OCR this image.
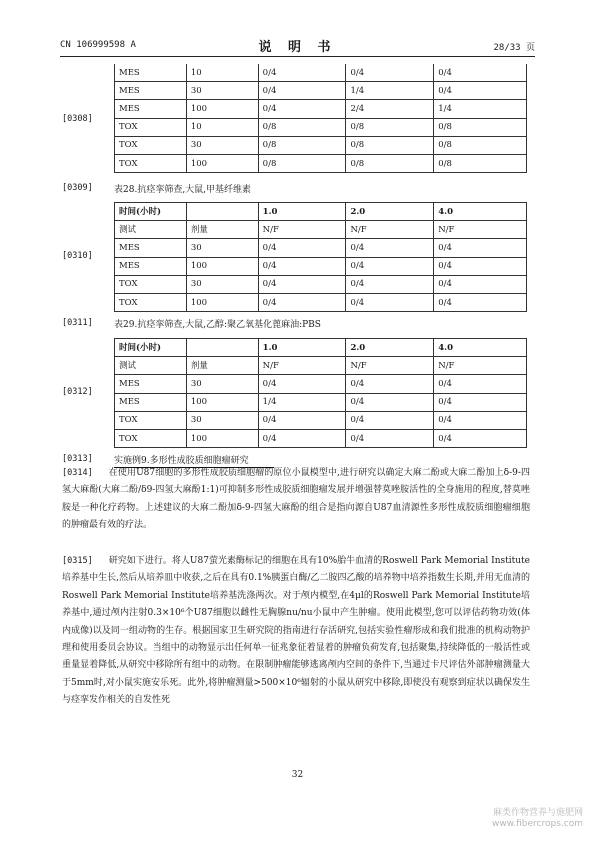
CN 106999598 A	说 明 书	28/33 页
[0308]
MES	10	0/4	0/4	0/4
MES	30	0/4	1/4	0/4
MES	100	0/4	2/4	1/4
TOX	10	0/8	0/8	0/8
TOX	30	0/8	0/8	0/8
TOX	100	0/8	0/8	0/8
[0309] 表28.抗痉挛筛查,大鼠,甲基纤维素
[0310]
时间(小时)		1.0	2.0	4.0
测试	剂量	N/F	N/F	N/F
MES	30	0/4	0/4	0/4
MES	100	0/4	0/4	0/4
TOX	30	0/4	0/4	0/4
TOX	100	0/4	0/4	0/4
[0311] 表29.抗痉挛筛查,大鼠,乙醇:聚乙氧基化蓖麻油:PBS
[0312]
时间(小时)		1.0	2.0	4.0
测试	剂量	N/F	N/F	N/F
MES	30	0/4	0/4	0/4
MES	100	1/4	0/4	0/4
TOX	30	0/4	0/4	0/4
TOX	100	0/4	0/4	0/4
[0313] 实施例9.多形性成胶质细胞瘤研究
[0314] 在使用U87细胞的多形性成胶质细胞瘤的原位小鼠模型中,进行研究以确定大麻二酚或大麻二酚加上δ-9-四氢大麻酚(大麻二酚/δ9-四氢大麻酚1:1)可抑制多形性成胶质细胞瘤发展并增强替莫唑胺活性的全身施用的程度,替莫唑胺是一种化疗药物。上述建议的大麻二酚加δ-9-四氢大麻酚的组合是指向源自U87血清源性多形性成胶质细胞瘤细胞的肿瘤最有效的疗法。
[0315] 研究如下进行。将人U87萤光素酶标记的细胞在具有10%胎牛血清的Roswell Park Memorial Institute培养基中生长,然后从培养皿中收获,之后在具有0.1%胰蛋白酶/乙二胺四乙酸的培养物中培养指数生长期,并用无血清的Roswell Park Memorial Institute培养基洗涤两次。对于颅内模型,在4μl的Roswell Park Memorial Institute培养基中,通过颅内注射0.3×10⁶个U87细胞以雌性无胸腺nu/nu小鼠中产生肿瘤。使用此模型,您可以评估药物功效(体内成像)以及同一组动物的生存。根据国家卫生研究院的指南进行存活研究,包括实验性瘤形成和我们批准的机构动物护理和使用委员会协议。当组中的动物显示出任何单一征兆象征着显着的肿瘤负荷发育,包括聚集,持续降低的一般活性或重量显着降低,从研究中移除所有组中的动物。在限制肿瘤能够逃离颅内空间的条件下,当通过卡尺评估外部肿瘤测量大于5mm时,对小鼠实施安乐死。此外,将肿瘤测量>500×10⁶辐射的小鼠从研究中移除,即使没有观察到症状以确保发生与痉挛发作相关的自发性死
32
麻类作物营养与施肥网
www.fibercrops.com
